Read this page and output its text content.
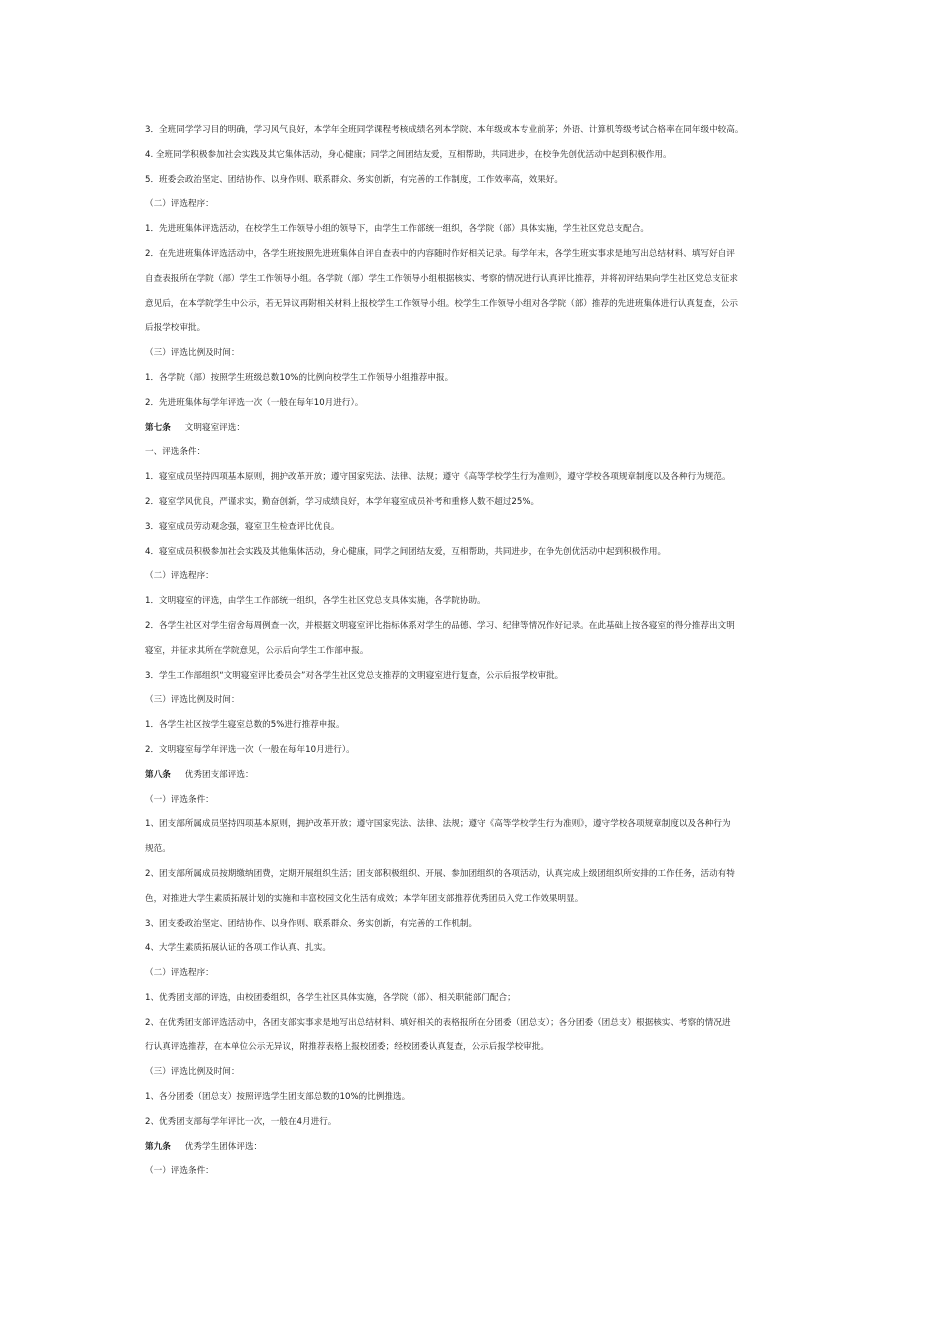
3．全班同学学习目的明确，学习风气良好，本学年全班同学课程考核成绩名列本学院、本年级或本专业前茅；外语、计算机等级考试合格率在同年级中较高。
4. 全班同学积极参加社会实践及其它集体活动，身心健康；同学之间团结友爱，互相帮助，共同进步，在校争先创优活动中起到积极作用。
5．班委会政治坚定、团结协作、以身作则、联系群众、务实创新，有完善的工作制度，工作效率高，效果好。
（二）评选程序：
1．先进班集体评选活动，在校学生工作领导小组的领导下，由学生工作部统一组织，各学院（部）具体实施，学生社区党总支配合。
2．在先进班集体评选活动中，各学生班按照先进班集体自评自查表中的内容随时作好相关记录。每学年末，各学生班实事求是地写出总结材料、填写好自评
自查表报所在学院（部）学生工作领导小组。各学院（部）学生工作领导小组根据核实、考察的情况进行认真评比推荐，并将初评结果向学生社区党总支征求
意见后，在本学院学生中公示，若无异议再附相关材料上报校学生工作领导小组。校学生工作领导小组对各学院（部）推荐的先进班集体进行认真复查，公示
后报学校审批。
（三）评选比例及时间：
1．各学院（部）按照学生班级总数10%的比例向校学生工作领导小组推荐申报。
2．先进班集体每学年评选一次（一般在每年10月进行）。
第七条 文明寝室评选：
一、评选条件：
1．寝室成员坚持四项基本原则，拥护改革开放；遵守国家宪法、法律、法规；遵守《高等学校学生行为准则》，遵守学校各项规章制度以及各种行为规范。
2．寝室学风优良，严谨求实，勤奋创新，学习成绩良好，本学年寝室成员补考和重修人数不超过25%。
3．寝室成员劳动观念强，寝室卫生检查评比优良。
4．寝室成员积极参加社会实践及其他集体活动，身心健康，同学之间团结友爱，互相帮助，共同进步，在争先创优活动中起到积极作用。
（二）评选程序：
1．文明寝室的评选，由学生工作部统一组织，各学生社区党总支具体实施，各学院协助。
2．各学生社区对学生宿舍每周例查一次，并根据文明寝室评比指标体系对学生的品德、学习、纪律等情况作好记录。在此基础上按各寝室的得分推荐出文明
寝室，并征求其所在学院意见，公示后向学生工作部申报。
3．学生工作部组织“文明寝室评比委员会”对各学生社区党总支推荐的文明寝室进行复查，公示后报学校审批。
（三）评选比例及时间：
1．各学生社区按学生寝室总数的5%进行推荐申报。
2．文明寝室每学年评选一次（一般在每年10月进行）。
第八条 优秀团支部评选：
（一）评选条件：
1、团支部所属成员坚持四项基本原则，拥护改革开放；遵守国家宪法、法律、法规；遵守《高等学校学生行为准则》，遵守学校各项规章制度以及各种行为
规范。
2、团支部所属成员按期缴纳团费，定期开展组织生活；团支部积极组织、开展、参加团组织的各项活动，认真完成上级团组织所安排的工作任务，活动有特
色，对推进大学生素质拓展计划的实施和丰富校园文化生活有成效；本学年团支部推荐优秀团员入党工作效果明显。
3、团支委政治坚定、团结协作、以身作则、联系群众、务实创新，有完善的工作机制。
4、大学生素质拓展认证的各项工作认真、扎实。
（二）评选程序：
1、优秀团支部的评选，由校团委组织，各学生社区具体实施，各学院（部）、相关职能部门配合；
2、在优秀团支部评选活动中，各团支部实事求是地写出总结材料、填好相关的表格报所在分团委（团总支）；各分团委（团总支）根据核实、考察的情况进
行认真评选推荐，在本单位公示无异议，附推荐表格上报校团委；经校团委认真复查，公示后报学校审批。
（三）评选比例及时间：
1、各分团委（团总支）按照评选学生团支部总数的10%的比例推选。
2、优秀团支部每学年评比一次，一般在4月进行。
第九条 优秀学生团体评选：
（一）评选条件：
